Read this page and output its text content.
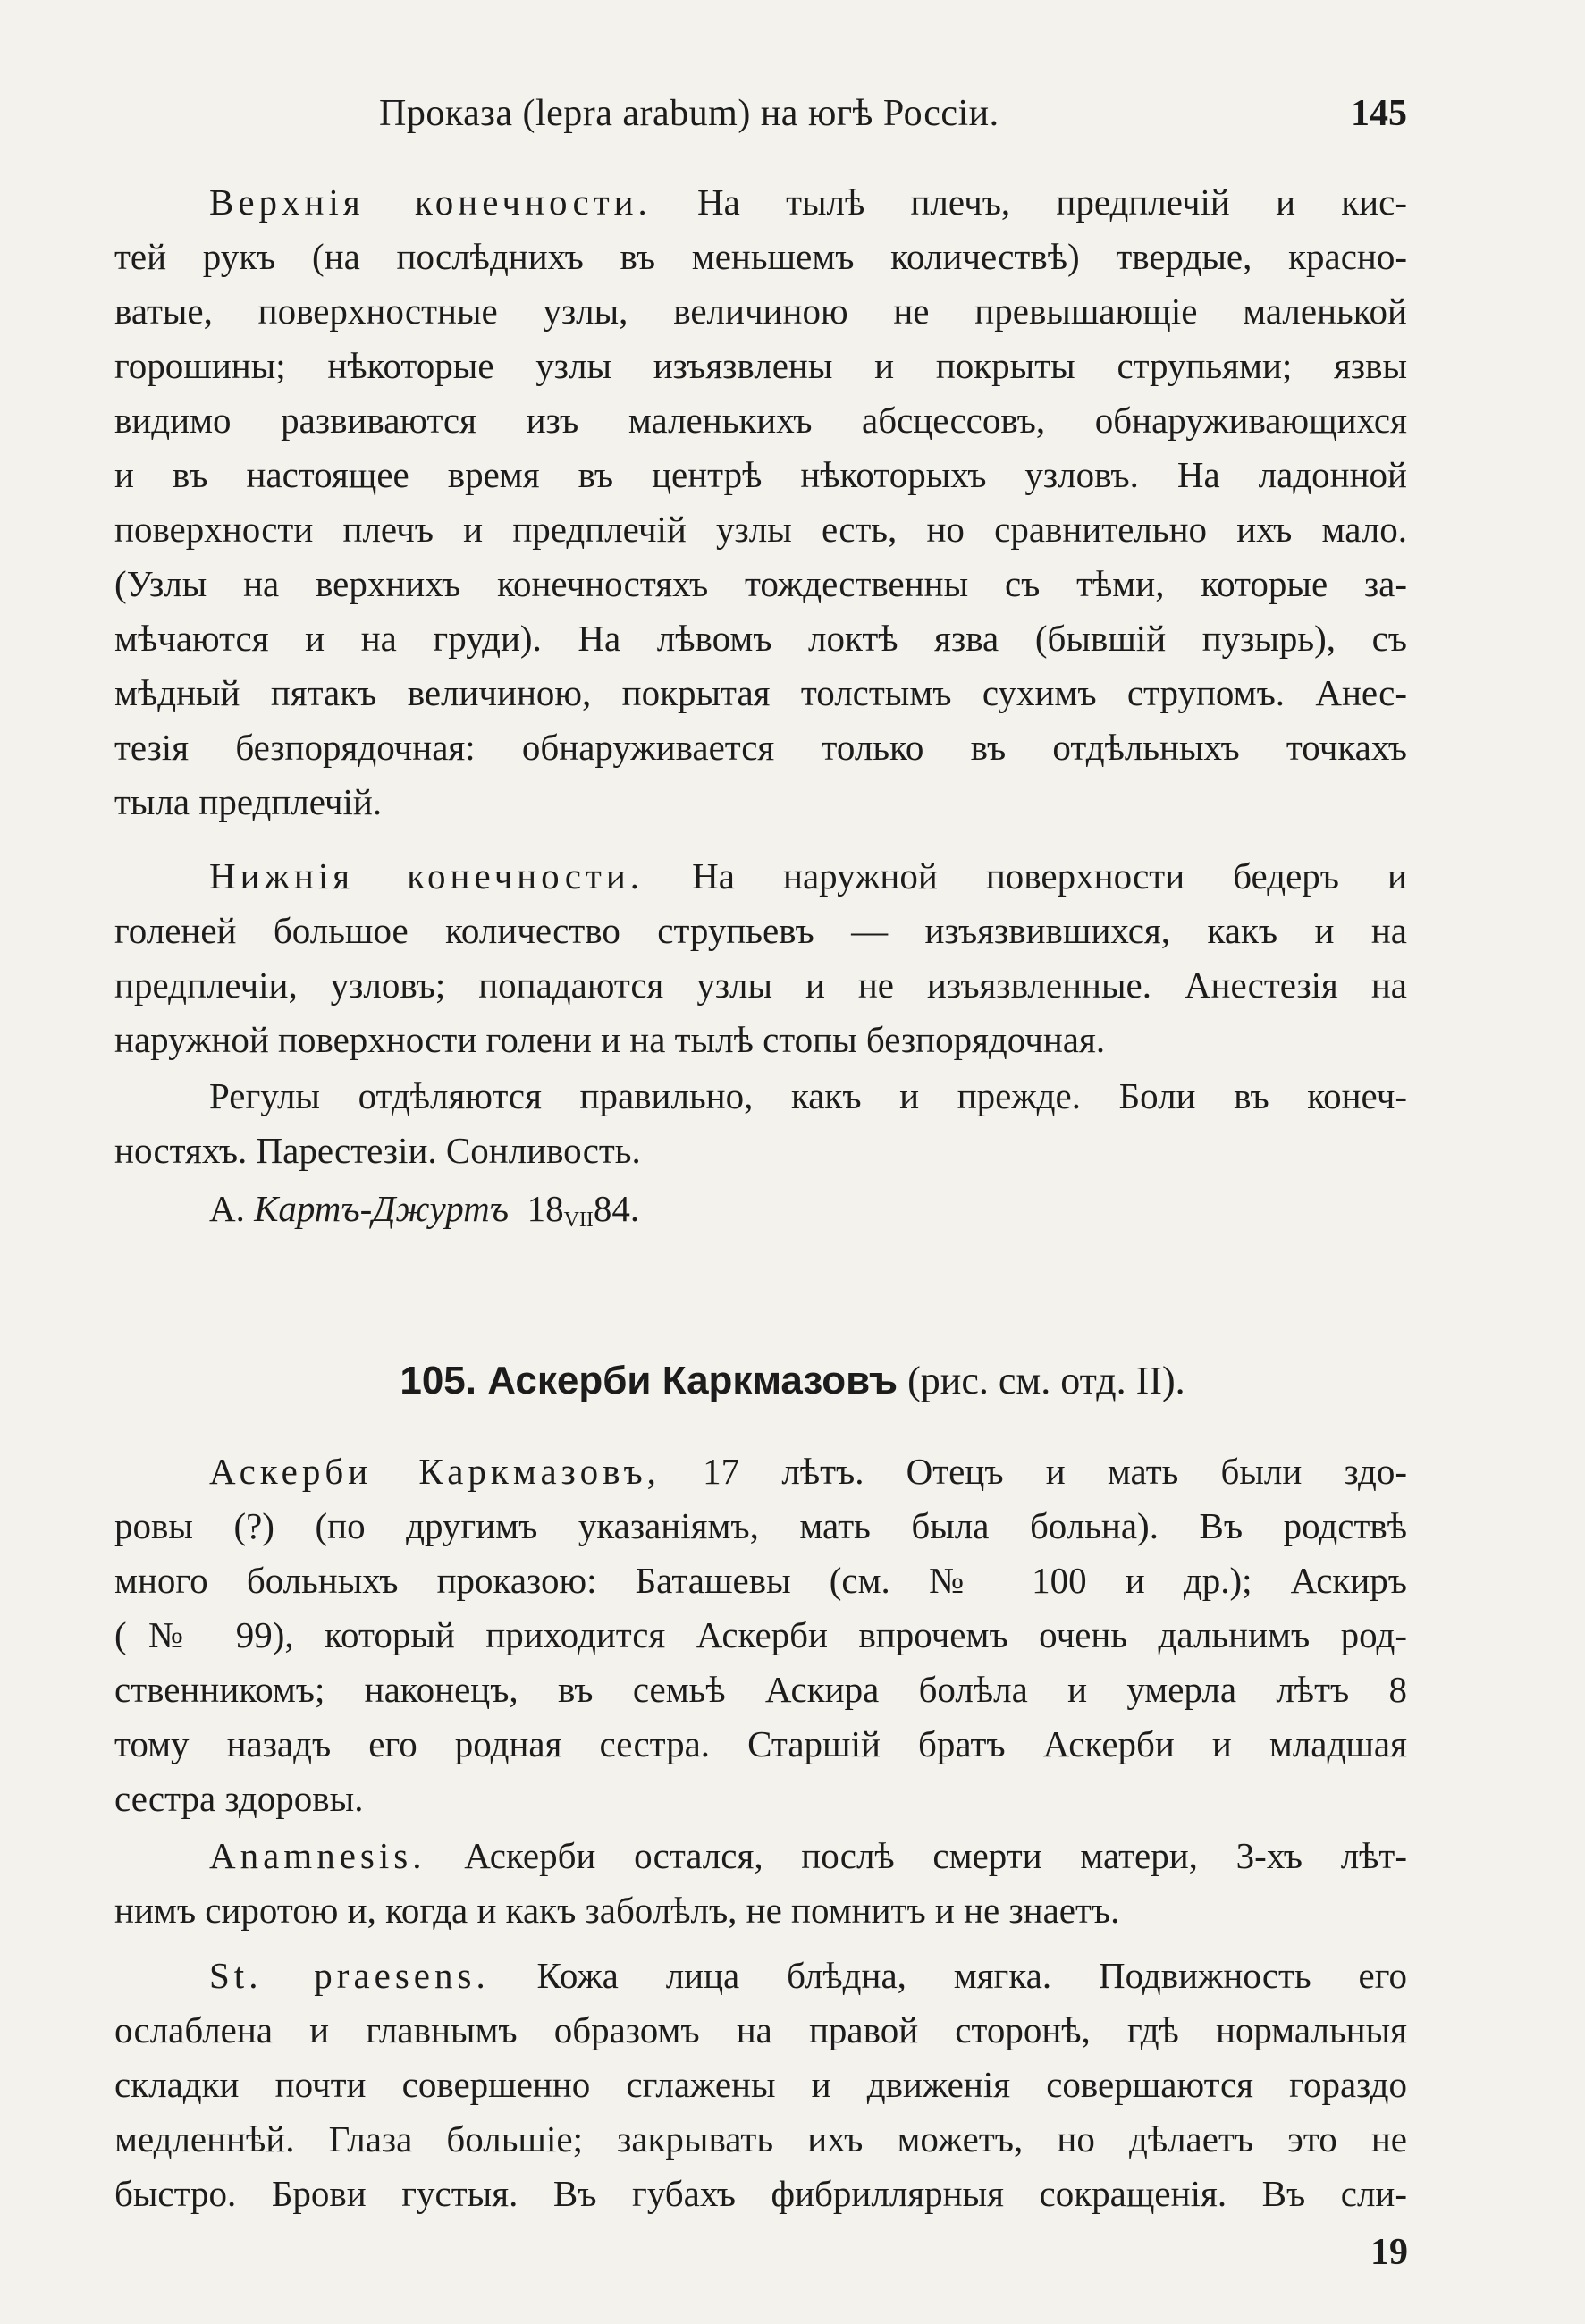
Проказа (lepra arabum) на югѣ Россіи.	145
Верхнія конечности. На тылѣ плечъ, предплечій и кис-
тей рукъ (на послѣднихъ въ меньшемъ количествѣ) твердые, красно-
ватые, поверхностные узлы, величиною не превышающіе маленькой
горошины; нѣкоторые узлы изъязвлены и покрыты струпьями; язвы
видимо развиваются изъ маленькихъ абсцессовъ, обнаруживающихся
и въ настоящее время въ центрѣ нѣкоторыхъ узловъ. На ладонной
поверхности плечъ и предплечій узлы есть, но сравнительно ихъ мало.
(Узлы на верхнихъ конечностяхъ тождественны съ тѣми, которые за-
мѣчаются и на груди). На лѣвомъ локтѣ язва (бывшій пузырь), съ
мѣдный пятакъ величиною, покрытая толстымъ сухимъ струпомъ. Анес-
тезія безпорядочная: обнаруживается только въ отдѣльныхъ точкахъ
тыла предплечій.
Нижнія конечности. На наружной поверхности бедеръ и
голеней большое количество струпьевъ — изъязвившихся, какъ и на
предплечіи, узловъ; попадаются узлы и не изъязвленные. Анестезія на
наружной поверхности голени и на тылѣ стопы безпорядочная.
Регулы отдѣляются правильно, какъ и прежде. Боли въ конеч-
ностяхъ. Парестезіи. Сонливость.
А. Картъ-Джуртъ $18_{VII}84$.
105. Аскерби Каркмазовъ (рис. см. отд. II).
Аскерби Каркмазовъ, 17 лѣтъ. Отецъ и мать были здо-
ровы (?) (по другимъ указаніямъ, мать была больна). Въ родствѣ
много больныхъ проказою: Баташевы (см. № 100 и др.); Аскиръ
(№ 99), который приходится Аскерби впрочемъ очень дальнимъ род-
ственникомъ; наконецъ, въ семьѣ Аскира болѣла и умерла лѣтъ 8
тому назадъ его родная сестра. Старшій братъ Аскерби и младшая
сестра здоровы.
Anamnesis. Аскерби остался, послѣ смерти матери, 3-хъ лѣт-
нимъ сиротою и, когда и какъ заболѣлъ, не помнитъ и не знаетъ.
St. praesens. Кожа лица блѣдна, мягка. Подвижность его
ослаблена и главнымъ образомъ на правой сторонѣ, гдѣ нормальныя
складки почти совершенно сглажены и движенія совершаются гораздо
медленнѣй. Глаза большіе; закрывать ихъ можетъ, но дѣлаетъ это не
быстро. Брови густыя. Въ губахъ фибриллярныя сокращенія. Въ сли-
19
